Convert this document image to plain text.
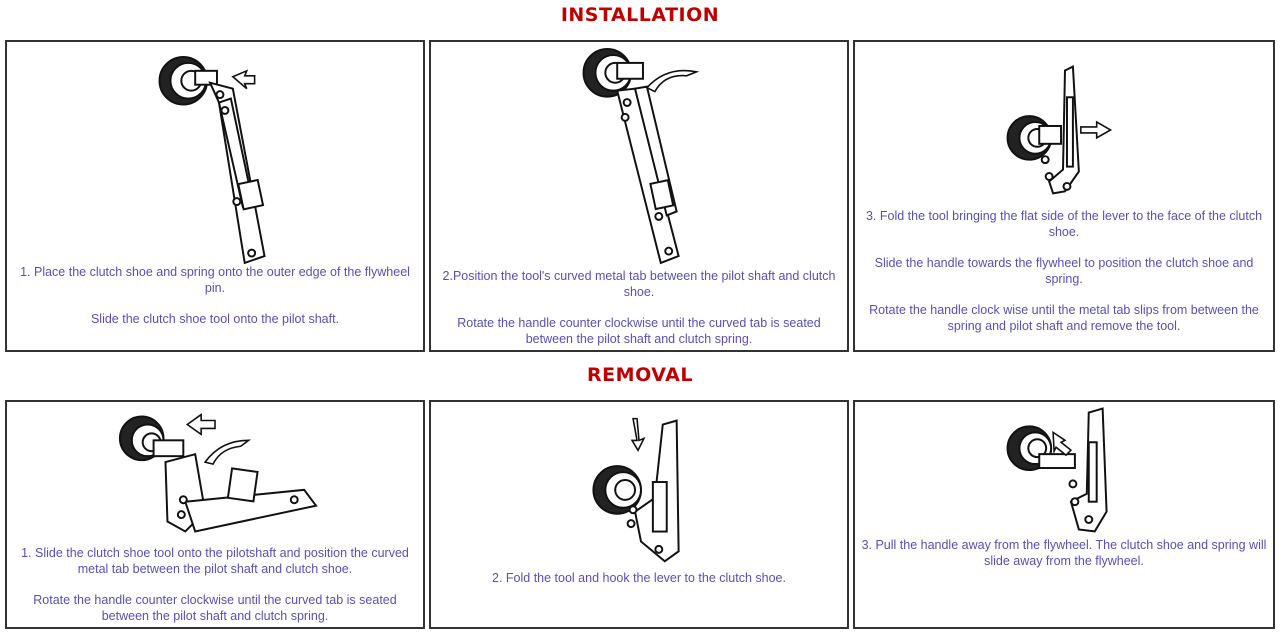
INSTALLATION

1. Place the clutch shoe and spring onto the outer edge of the flywheel pin.

Slide the clutch shoe tool onto the pilot shaft.

2.Position the tool's curved metal tab between the pilot shaft and clutch shoe.

Rotate the handle counter clockwise until the curved tab is seated between the pilot shaft and clutch spring.

3. Fold the tool bringing the flat side of the lever to the face of the clutch shoe.

Slide the handle towards the flywheel to position the clutch shoe and spring.

Rotate the handle clock wise until the metal tab slips from between the spring and pilot shaft and remove the tool.

REMOVAL

1. Slide the clutch shoe tool onto the pilotshaft and position the curved metal tab between the pilot shaft and clutch shoe.

Rotate the handle counter clockwise until the curved tab is seated between the pilot shaft and clutch spring.

2. Fold the tool and hook the lever to the clutch shoe.

3. Pull the handle away from the flywheel. The clutch shoe and spring will slide away from the flywheel.
